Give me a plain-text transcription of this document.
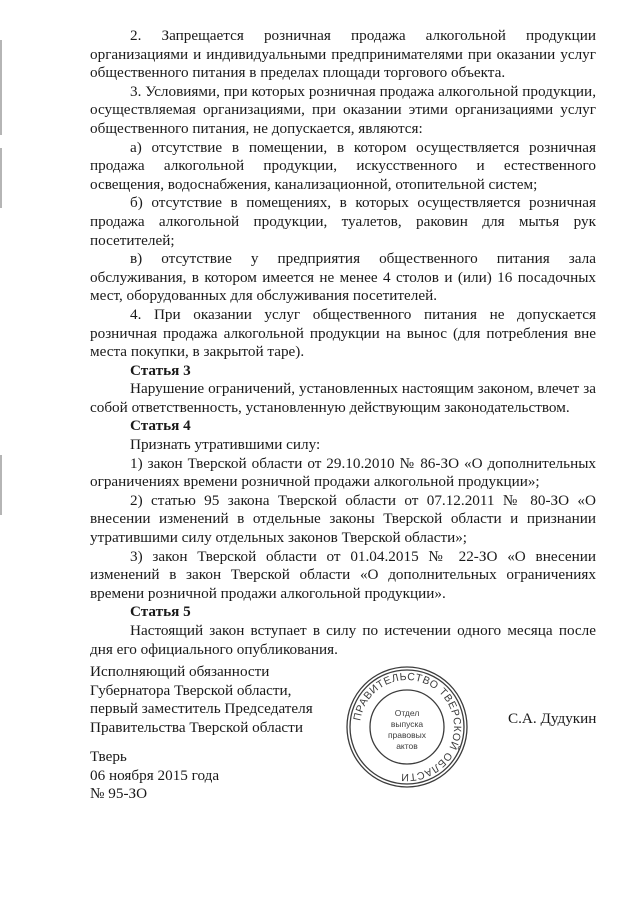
2. Запрещается розничная продажа алкогольной продукции организациями и индивидуальными предпринимателями при оказании услуг общественного питания в пределах площади торгового объекта.

3. Условиями, при которых розничная продажа алкогольной продукции, осуществляемая организациями, при оказании этими организациями услуг общественного питания, не допускается, являются:

а) отсутствие в помещении, в котором осуществляется розничная продажа алкогольной продукции, искусственного и естественного освещения, водоснабжения, канализационной, отопительной систем;

б) отсутствие в помещениях, в которых осуществляется розничная продажа алкогольной продукции, туалетов, раковин для мытья рук посетителей;

в) отсутствие у предприятия общественного питания зала обслуживания, в котором имеется не менее 4 столов и (или) 16 посадочных мест, оборудованных для обслуживания посетителей.

4. При оказании услуг общественного питания не допускается розничная продажа алкогольной продукции на вынос (для потребления вне места покупки, в закрытой таре).

Статья 3

Нарушение ограничений, установленных настоящим законом, влечет за собой ответственность, установленную действующим законодательством.

Статья 4

Признать утратившими силу:

1) закон Тверской области от 29.10.2010 № 86-ЗО «О дополнительных ограничениях времени розничной продажи алкогольной продукции»;

2) статью 95 закона Тверской области от 07.12.2011 № 80-ЗО «О внесении изменений в отдельные законы Тверской области и признании утратившими силу отдельных законов Тверской области»;

3) закон Тверской области от 01.04.2015 № 22-ЗО «О внесении изменений в закон Тверской области «О дополнительных ограничениях времени розничной продажи алкогольной продукции».

Статья 5

Настоящий закон вступает в силу по истечении одного месяца после дня его официального опубликования.

Исполняющий обязанности
Губернатора Тверской области,
первый заместитель Председателя
Правительства Тверской области
ПРАВИТЕЛЬСТВО ТВЕРСКОЙ ОБЛАСТИ
Отдел
выпуска
правовых
актов
С.А. Дудукин
Тверь
06 ноября 2015 года
№ 95-ЗО
